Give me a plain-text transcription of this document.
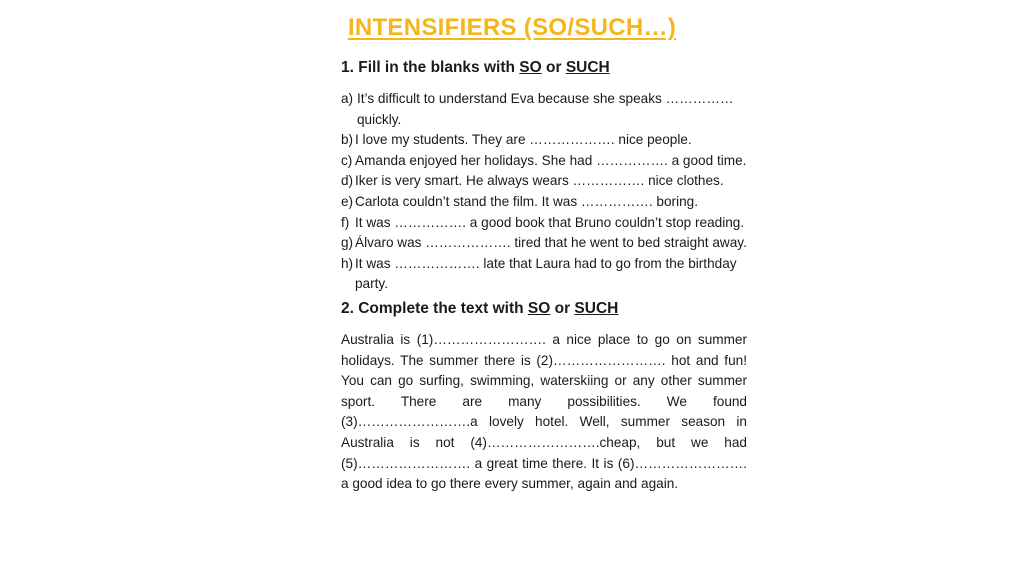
INTENSIFIERS (SO/SUCH…)
1. Fill in the blanks with SO or SUCH
a) It’s difficult to understand Eva because she speaks …………… quickly.
b) I love my students. They are ………………. nice people.
c) Amanda enjoyed her holidays. She had ……………. a good time.
d) Iker is very smart. He always wears ……………. nice clothes.
e) Carlota couldn’t stand the film. It was ……………. boring.
f) It was ……………. a good book that Bruno couldn’t stop reading.
g) Álvaro was ………………. tired that he went to bed straight away.
h) It was ………………. late that Laura had to go from the birthday party.
2. Complete the text with SO or SUCH

Australia is (1)……………………. a nice place to go on summer holidays. The summer there is (2)……………………. hot and fun! You can go surfing, swimming, waterskiing or any other summer sport. There are many possibilities. We found (3)…………………….a lovely hotel. Well, summer season in Australia is not (4)…………………….cheap, but we had (5)……………………. a great time there. It is (6)……………………. a good idea to go there every summer, again and again.
